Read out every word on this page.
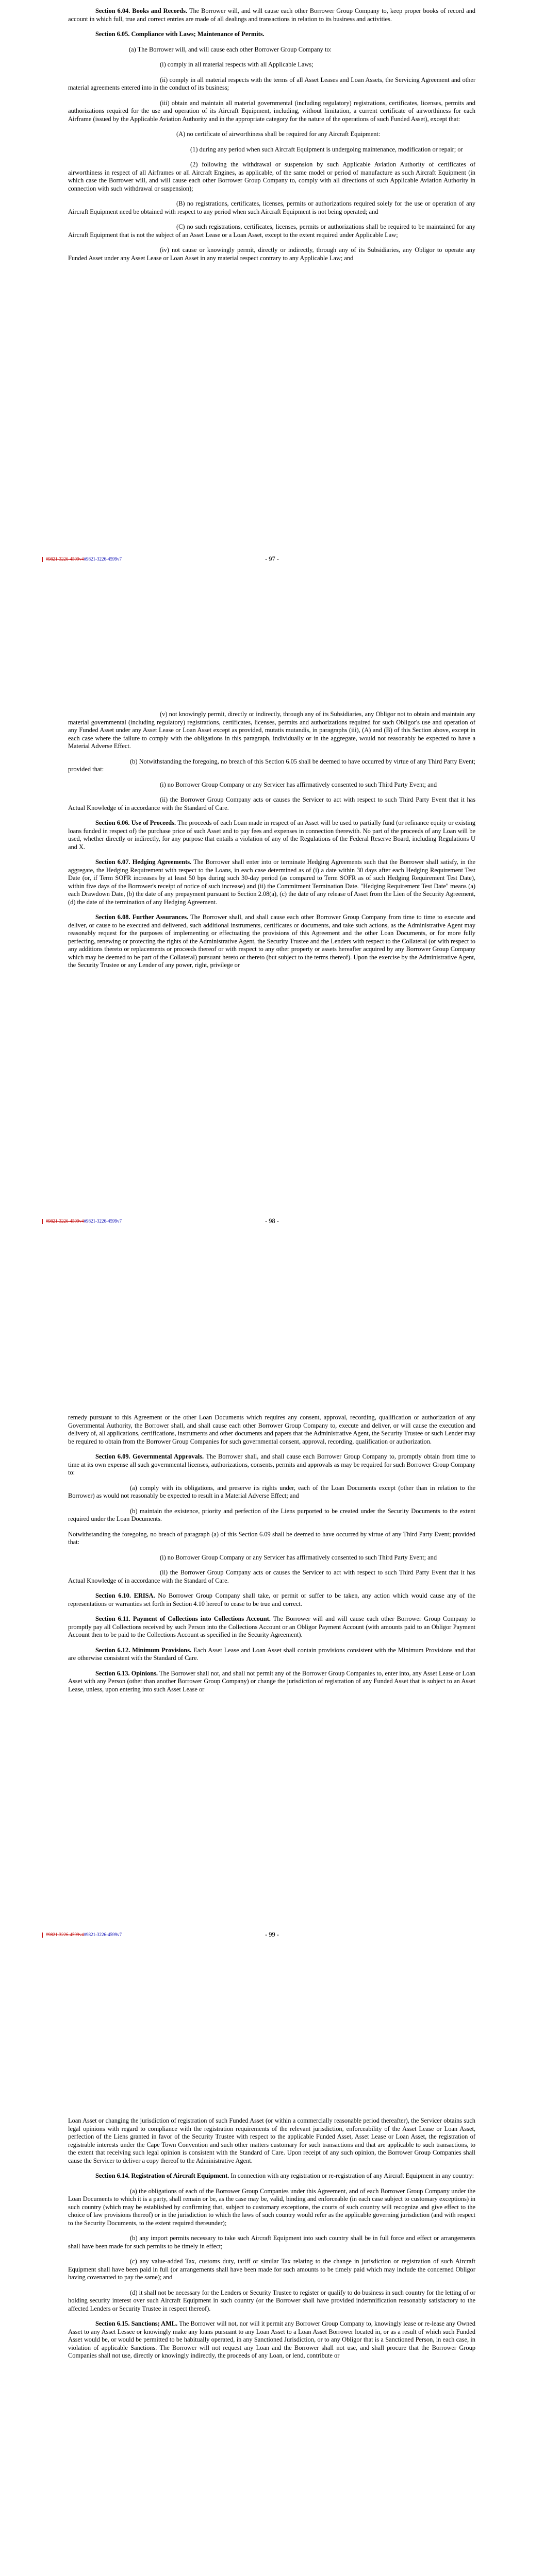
Section 6.04. Books and Records. The Borrower will, and will cause each other Borrower Group Company to, keep proper books of record and account in which full, true and correct entries are made of all dealings and transactions in relation to its business and activities.

Section 6.05. Compliance with Laws; Maintenance of Permits.

(a) The Borrower will, and will cause each other Borrower Group Company to:

(i) comply in all material respects with all Applicable Laws;

(ii) comply in all material respects with the terms of all Asset Leases and Loan Assets, the Servicing Agreement and other material agreements entered into in the conduct of its business;

(iii) obtain and maintain all material governmental (including regulatory) registrations, certificates, licenses, permits and authorizations required for the use and operation of its Aircraft Equipment, including, without limitation, a current certificate of airworthiness for each Airframe (issued by the Applicable Aviation Authority and in the appropriate category for the nature of the operations of such Funded Asset), except that:

(A) no certificate of airworthiness shall be required for any Aircraft Equipment:

(1) during any period when such Aircraft Equipment is undergoing maintenance, modification or repair; or

(2) following the withdrawal or suspension by such Applicable Aviation Authority of certificates of airworthiness in respect of all Airframes or all Aircraft Engines, as applicable, of the same model or period of manufacture as such Aircraft Equipment (in which case the Borrower will, and will cause each other Borrower Group Company to, comply with all directions of such Applicable Aviation Authority in connection with such withdrawal or suspension);

(B) no registrations, certificates, licenses, permits or authorizations required solely for the use or operation of any Aircraft Equipment need be obtained with respect to any period when such Aircraft Equipment is not being operated; and

(C) no such registrations, certificates, licenses, permits or authorizations shall be required to be maintained for any Aircraft Equipment that is not the subject of an Asset Lease or a Loan Asset, except to the extent required under Applicable Law;

(iv) not cause or knowingly permit, directly or indirectly, through any of its Subsidiaries, any Obligor to operate any Funded Asset under any Asset Lease or Loan Asset in any material respect contrary to any Applicable Law; and

#9821-3226-4599v4#9821-3226-4599v7	- 97 -

(v) not knowingly permit, directly or indirectly, through any of its Subsidiaries, any Obligor not to obtain and maintain any material governmental (including regulatory) registrations, certificates, licenses, permits and authorizations required for such Obligor's use and operation of any Funded Asset under any Asset Lease or Loan Asset except as provided, mutatis mutandis, in paragraphs (iii), (A) and (B) of this Section above, except in each case where the failure to comply with the obligations in this paragraph, individually or in the aggregate, would not reasonably be expected to have a Material Adverse Effect.

(b) Notwithstanding the foregoing, no breach of this Section 6.05 shall be deemed to have occurred by virtue of any Third Party Event; provided that:

(i) no Borrower Group Company or any Servicer has affirmatively consented to such Third Party Event; and

(ii) the Borrower Group Company acts or causes the Servicer to act with respect to such Third Party Event that it has Actual Knowledge of in accordance with the Standard of Care.

Section 6.06. Use of Proceeds. The proceeds of each Loan made in respect of an Asset will be used to partially fund (or refinance equity or existing loans funded in respect of) the purchase price of such Asset and to pay fees and expenses in connection therewith. No part of the proceeds of any Loan will be used, whether directly or indirectly, for any purpose that entails a violation of any of the Regulations of the Federal Reserve Board, including Regulations U and X.

Section 6.07. Hedging Agreements. The Borrower shall enter into or terminate Hedging Agreements such that the Borrower shall satisfy, in the aggregate, the Hedging Requirement with respect to the Loans, in each case determined as of (i) a date within 30 days after each Hedging Requirement Test Date (or, if Term SOFR increases by at least 50 bps during such 30-day period (as compared to Term SOFR as of such Hedging Requirement Test Date), within five days of the Borrower's receipt of notice of such increase) and (ii) the Commitment Termination Date. "Hedging Requirement Test Date" means (a) each Drawdown Date, (b) the date of any prepayment pursuant to Section 2.08(a), (c) the date of any release of Asset from the Lien of the Security Agreement, (d) the date of the termination of any Hedging Agreement.

Section 6.08. Further Assurances. The Borrower shall, and shall cause each other Borrower Group Company from time to time to execute and deliver, or cause to be executed and delivered, such additional instruments, certificates or documents, and take such actions, as the Administrative Agent may reasonably request for the purposes of implementing or effectuating the provisions of this Agreement and the other Loan Documents, or for more fully perfecting, renewing or protecting the rights of the Administrative Agent, the Security Trustee and the Lenders with respect to the Collateral (or with respect to any additions thereto or replacements or proceeds thereof or with respect to any other property or assets hereafter acquired by any Borrower Group Company which may be deemed to be part of the Collateral) pursuant hereto or thereto (but subject to the terms thereof). Upon the exercise by the Administrative Agent, the Security Trustee or any Lender of any power, right, privilege or

#9821-3226-4599v4#9821-3226-4599v7	- 98 -

remedy pursuant to this Agreement or the other Loan Documents which requires any consent, approval, recording, qualification or authorization of any Governmental Authority, the Borrower shall, and shall cause each other Borrower Group Company to, execute and deliver, or will cause the execution and delivery of, all applications, certifications, instruments and other documents and papers that the Administrative Agent, the Security Trustee or such Lender may be required to obtain from the Borrower Group Companies for such governmental consent, approval, recording, qualification or authorization.

Section 6.09. Governmental Approvals. The Borrower shall, and shall cause each Borrower Group Company to, promptly obtain from time to time at its own expense all such governmental licenses, authorizations, consents, permits and approvals as may be required for such Borrower Group Company to:

(a) comply with its obligations, and preserve its rights under, each of the Loan Documents except (other than in relation to the Borrower) as would not reasonably be expected to result in a Material Adverse Effect; and

(b) maintain the existence, priority and perfection of the Liens purported to be created under the Security Documents to the extent required under the Loan Documents.

Notwithstanding the foregoing, no breach of paragraph (a) of this Section 6.09 shall be deemed to have occurred by virtue of any Third Party Event; provided that:

(i) no Borrower Group Company or any Servicer has affirmatively consented to such Third Party Event; and

(ii) the Borrower Group Company acts or causes the Servicer to act with respect to such Third Party Event that it has Actual Knowledge of in accordance with the Standard of Care.

Section 6.10. ERISA. No Borrower Group Company shall take, or permit or suffer to be taken, any action which would cause any of the representations or warranties set forth in Section 4.10 hereof to cease to be true and correct.

Section 6.11. Payment of Collections into Collections Account. The Borrower will and will cause each other Borrower Group Company to promptly pay all Collections received by such Person into the Collections Account or an Obligor Payment Account (with amounts paid to an Obligor Payment Account then to be paid to the Collections Account as specified in the Security Agreement).

Section 6.12. Minimum Provisions. Each Asset Lease and Loan Asset shall contain provisions consistent with the Minimum Provisions and that are otherwise consistent with the Standard of Care.

Section 6.13. Opinions. The Borrower shall not, and shall not permit any of the Borrower Group Companies to, enter into, any Asset Lease or Loan Asset with any Person (other than another Borrower Group Company) or change the jurisdiction of registration of any Funded Asset that is subject to an Asset Lease, unless, upon entering into such Asset Lease or

#9821-3226-4599v4#9821-3226-4599v7	- 99 -

Loan Asset or changing the jurisdiction of registration of such Funded Asset (or within a commercially reasonable period thereafter), the Servicer obtains such legal opinions with regard to compliance with the registration requirements of the relevant jurisdiction, enforceability of the Asset Lease or Loan Asset, perfection of the Liens granted in favor of the Security Trustee with respect to the applicable Funded Asset, Asset Lease or Loan Asset, the registration of registrable interests under the Cape Town Convention and such other matters customary for such transactions and that are applicable to such transactions, to the extent that receiving such legal opinion is consistent with the Standard of Care. Upon receipt of any such opinion, the Borrower Group Companies shall cause the Servicer to deliver a copy thereof to the Administrative Agent.

Section 6.14. Registration of Aircraft Equipment. In connection with any registration or re-registration of any Aircraft Equipment in any country:

(a) the obligations of each of the Borrower Group Companies under this Agreement, and of each Borrower Group Company under the Loan Documents to which it is a party, shall remain or be, as the case may be, valid, binding and enforceable (in each case subject to customary exceptions) in such country (which may be established by confirming that, subject to customary exceptions, the courts of such country will recognize and give effect to the choice of law provisions thereof) or in the jurisdiction to which the laws of such country would refer as the applicable governing jurisdiction (and with respect to the Security Documents, to the extent required thereunder);

(b) any import permits necessary to take such Aircraft Equipment into such country shall be in full force and effect or arrangements shall have been made for such permits to be timely in effect;

(c) any value-added Tax, customs duty, tariff or similar Tax relating to the change in jurisdiction or registration of such Aircraft Equipment shall have been paid in full (or arrangements shall have been made for such amounts to be timely paid which may include the concerned Obligor having covenanted to pay the same); and

(d) it shall not be necessary for the Lenders or Security Trustee to register or qualify to do business in such country for the letting of or holding security interest over such Aircraft Equipment in such country (or the Borrower shall have provided indemnification reasonably satisfactory to the affected Lenders or Security Trustee in respect thereof).

Section 6.15. Sanctions; AML. The Borrower will not, nor will it permit any Borrower Group Company to, knowingly lease or re-lease any Owned Asset to any Asset Lessee or knowingly make any loans pursuant to any Loan Asset to a Loan Asset Borrower located in, or as a result of which such Funded Asset would be, or would be permitted to be habitually operated, in any Sanctioned Jurisdiction, or to any Obligor that is a Sanctioned Person, in each case, in violation of applicable Sanctions. The Borrower will not request any Loan and the Borrower shall not use, and shall procure that the Borrower Group Companies shall not use, directly or knowingly indirectly, the proceeds of any Loan, or lend, contribute or
